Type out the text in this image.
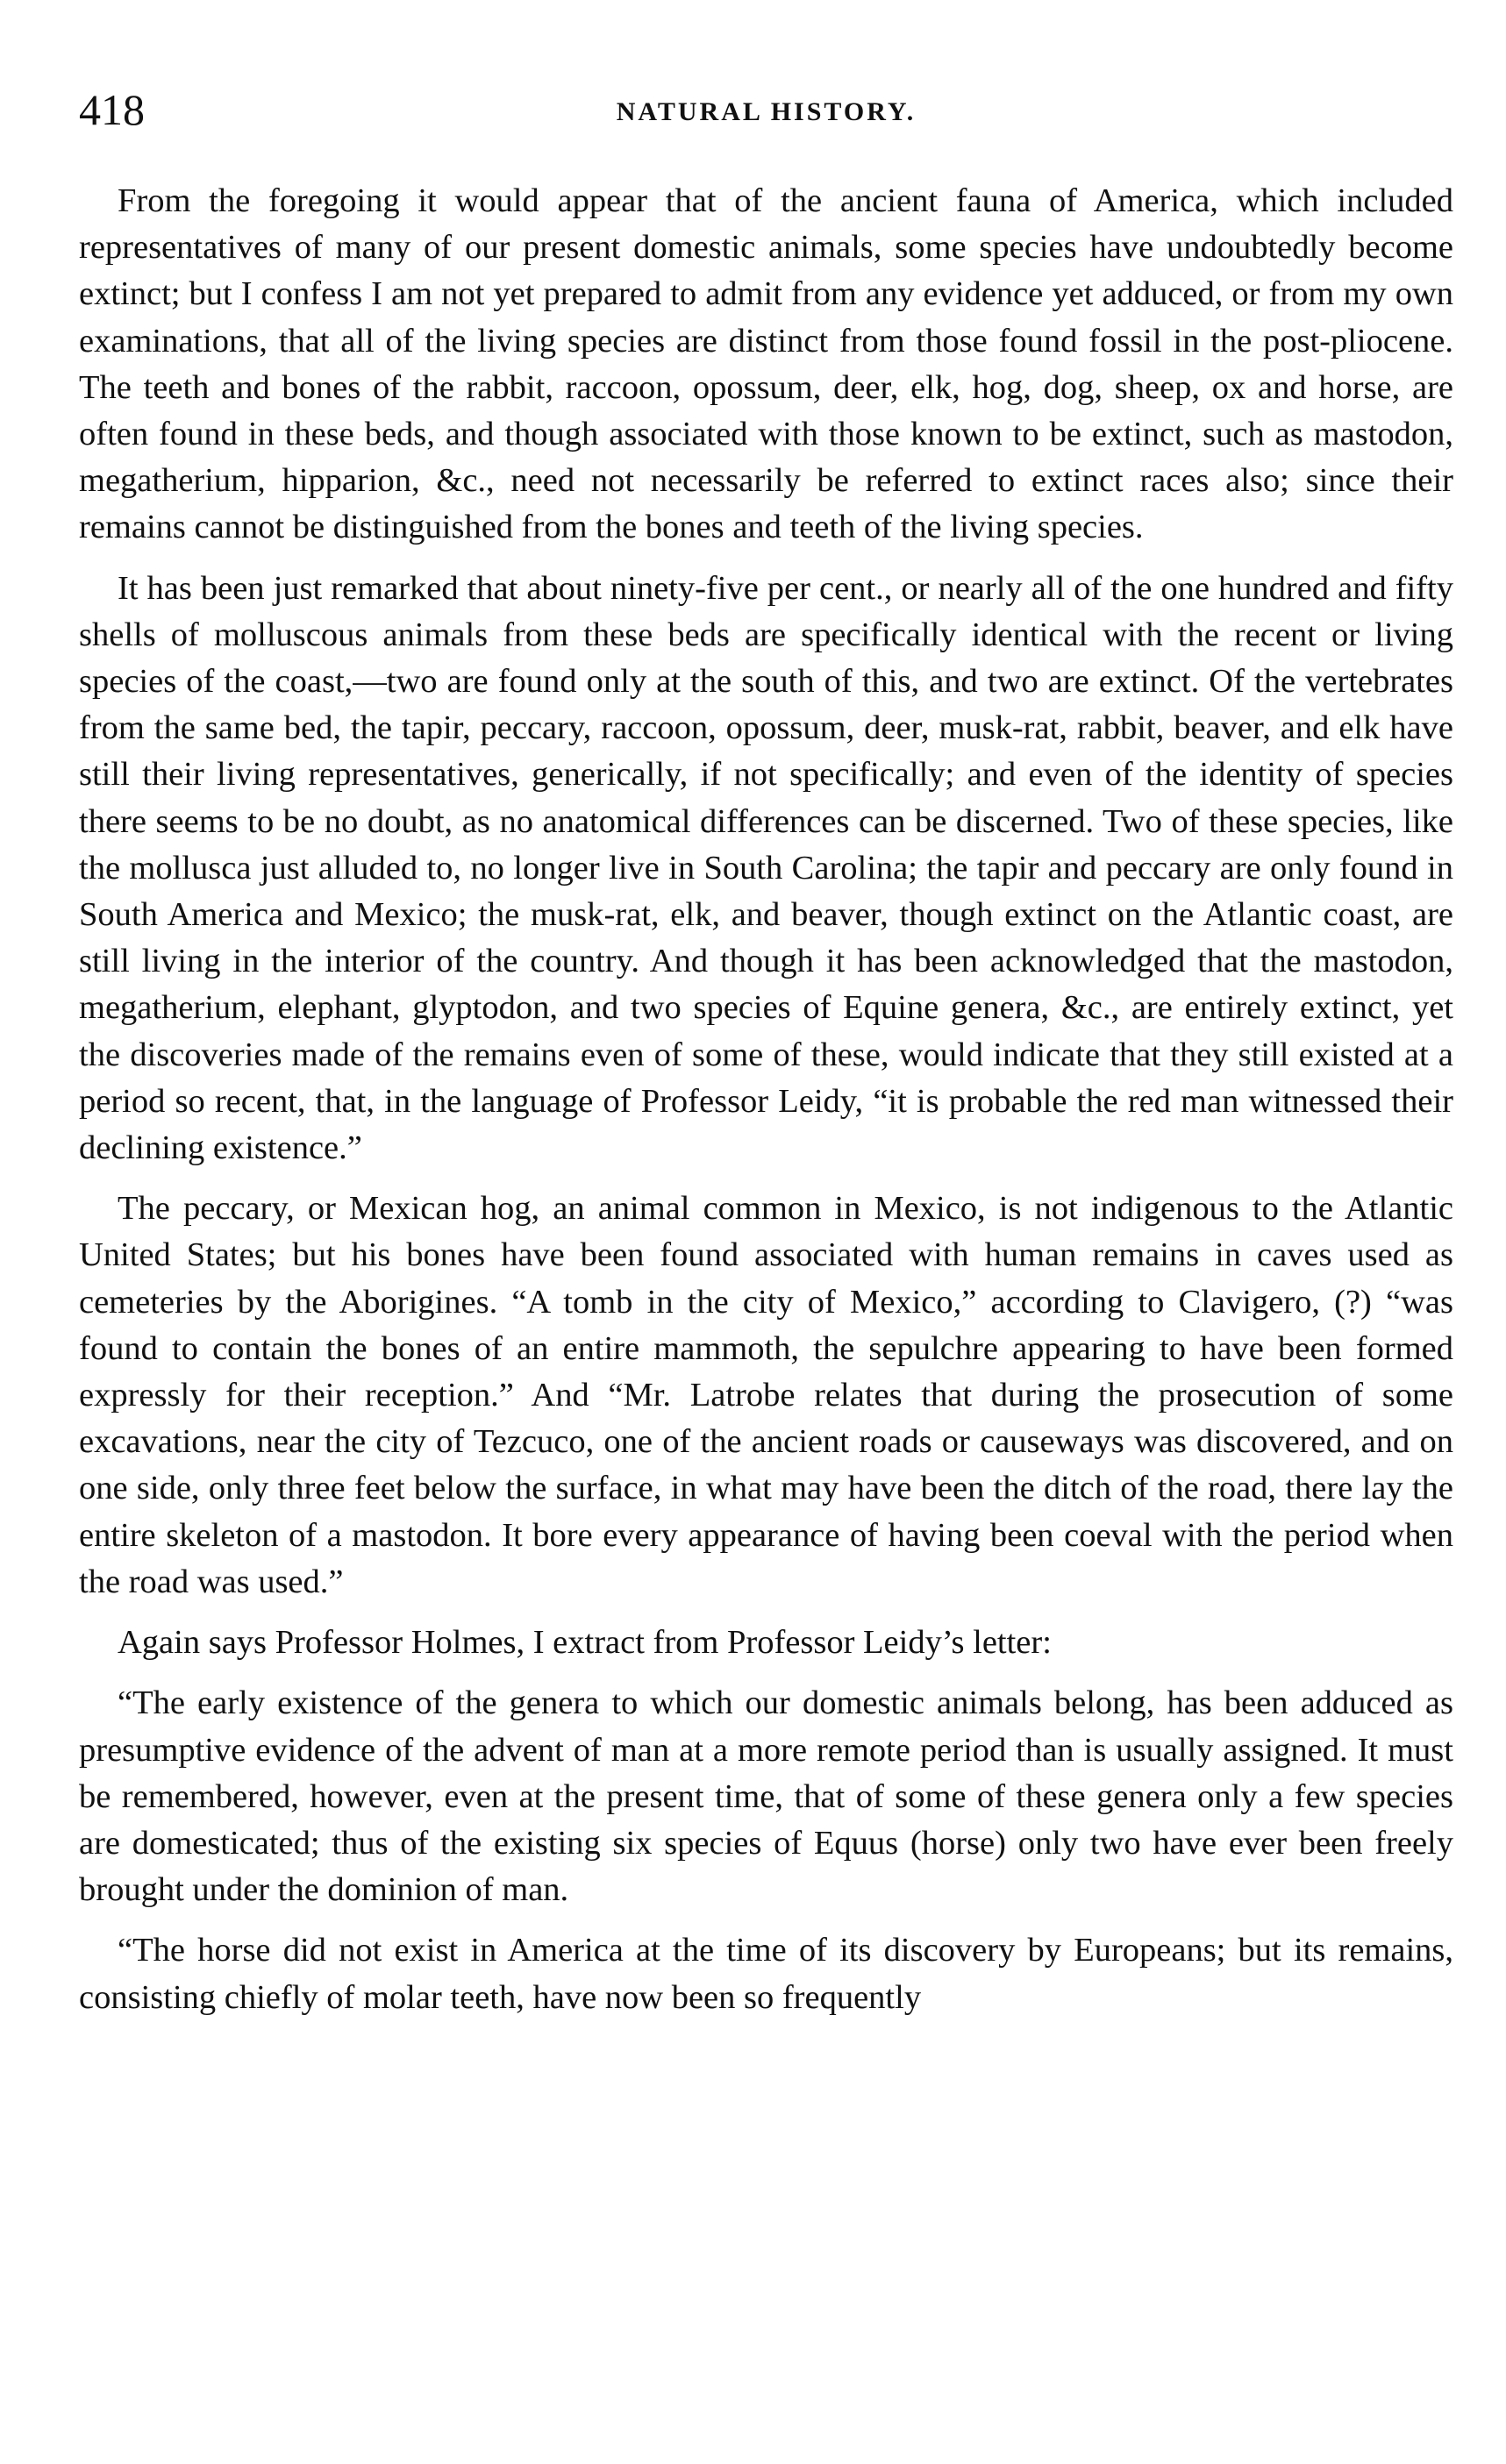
418	NATURAL HISTORY.

From the foregoing it would appear that of the ancient fauna of America, which included representatives of many of our present domestic animals, some species have undoubtedly become extinct; but I confess I am not yet prepared to admit from any evidence yet adduced, or from my own examinations, that all of the living species are distinct from those found fossil in the post-pliocene. The teeth and bones of the rabbit, raccoon, opossum, deer, elk, hog, dog, sheep, ox and horse, are often found in these beds, and though associated with those known to be extinct, such as mastodon, megatherium, hipparion, &c., need not necessarily be referred to extinct races also; since their remains cannot be distinguished from the bones and teeth of the living species.

It has been just remarked that about ninety-five per cent., or nearly all of the one hundred and fifty shells of molluscous animals from these beds are specifically identical with the recent or living species of the coast,—two are found only at the south of this, and two are extinct. Of the vertebrates from the same bed, the tapir, peccary, raccoon, opossum, deer, musk-rat, rabbit, beaver, and elk have still their living representatives, generically, if not specifically; and even of the identity of species there seems to be no doubt, as no anatomical differences can be discerned. Two of these species, like the mollusca just alluded to, no longer live in South Carolina; the tapir and peccary are only found in South America and Mexico; the musk-rat, elk, and beaver, though extinct on the Atlantic coast, are still living in the interior of the country. And though it has been acknowledged that the mastodon, megatherium, elephant, glyptodon, and two species of Equine genera, &c., are entirely extinct, yet the discoveries made of the remains even of some of these, would indicate that they still existed at a period so recent, that, in the language of Professor Leidy, “it is probable the red man witnessed their declining existence.”

The peccary, or Mexican hog, an animal common in Mexico, is not indigenous to the Atlantic United States; but his bones have been found associated with human remains in caves used as cemeteries by the Aborigines. “A tomb in the city of Mexico,” according to Clavigero, (?) “was found to contain the bones of an entire mammoth, the sepulchre appearing to have been formed expressly for their reception.” And “Mr. Latrobe relates that during the prosecution of some excavations, near the city of Tezcuco, one of the ancient roads or causeways was discovered, and on one side, only three feet below the surface, in what may have been the ditch of the road, there lay the entire skeleton of a mastodon. It bore every appearance of having been coeval with the period when the road was used.”

Again says Professor Holmes, I extract from Professor Leidy’s letter:

“The early existence of the genera to which our domestic animals belong, has been adduced as presumptive evidence of the advent of man at a more remote period than is usually assigned. It must be remembered, however, even at the present time, that of some of these genera only a few species are domesticated; thus of the existing six species of Equus (horse) only two have ever been freely brought under the dominion of man.

“The horse did not exist in America at the time of its discovery by Europeans; but its remains, consisting chiefly of molar teeth, have now been so frequently
